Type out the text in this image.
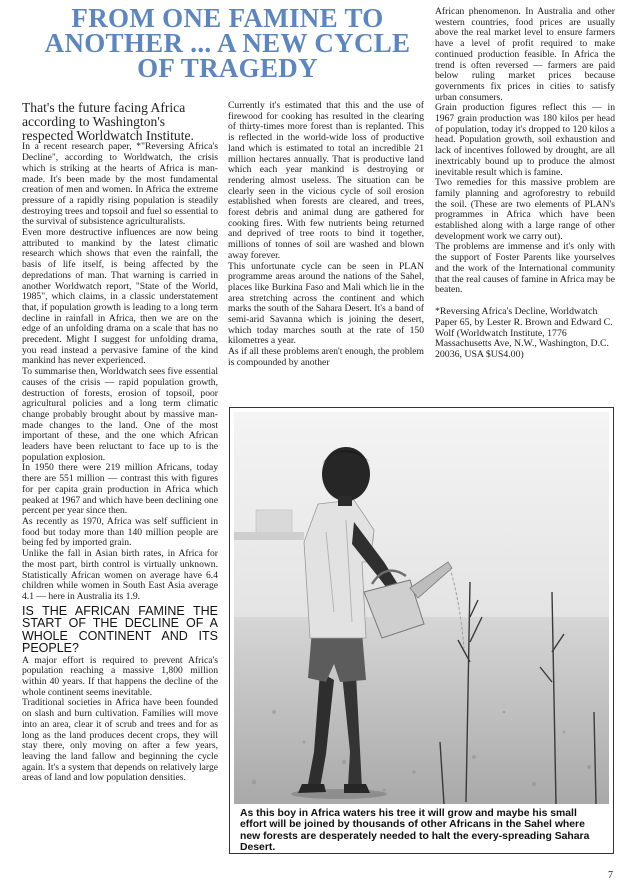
FROM ONE FAMINE TO
ANOTHER ... A NEW CYCLE
OF TRAGEDY

That's the future facing Africa according to Washington's respected Worldwatch Institute.

In a recent research paper, *"Reversing Africa's Decline", according to Worldwatch, the crisis which is striking at the hearts of Africa is man-made. It's been made by the most fundamental creation of men and women. In Africa the extreme pressure of a rapidly rising population is steadily destroying trees and topsoil and fuel so essential to the survival of subsistence agriculturalists.

Even more destructive influences are now being attributed to mankind by the latest climatic research which shows that even the rainfall, the basis of life itself, is being affected by the depredations of man. That warning is carried in another Worldwatch report, "State of the World, 1985", which claims, in a classic understatement that, if population growth is leading to a long term decline in rainfall in Africa, then we are on the edge of an unfolding drama on a scale that has no precedent. Might I suggest for unfolding drama, you read instead a pervasive famine of the kind mankind has never experienced.

To summarise then, Worldwatch sees five essential causes of the crisis — rapid population growth, destruction of forests, erosion of topsoil, poor agricultural policies and a long term climatic change probably brought about by massive man-made changes to the land. One of the most important of these, and the one which African leaders have been reluctant to face up to is the population explosion.

In 1950 there were 219 million Africans, today there are 551 million — contrast this with figures for per capita grain production in Africa which peaked at 1967 and which have been declining one percent per year since then.

As recently as 1970, Africa was self sufficient in food but today more than 140 million people are being fed by imported grain.

Unlike the fall in Asian birth rates, in Africa for the most part, birth control is virtually unknown. Statistically African women on average have 6.4 children while women in South East Asia average 4.1 — here in Australia its 1.9.

IS THE AFRICAN FAMINE THE START OF THE DECLINE OF A WHOLE CONTINENT AND ITS PEOPLE?

A major effort is required to prevent Africa's population reaching a massive 1,800 million within 40 years. If that happens the decline of the whole continent seems inevitable.

Traditional societies in Africa have been founded on slash and burn cultivation. Families will move into an area, clear it of scrub and trees and for as long as the land produces decent crops, they will stay there, only moving on after a few years, leaving the land fallow and beginning the cycle again. It's a system that depends on relatively large areas of land and low population densities.

Currently it's estimated that this and the use of firewood for cooking has resulted in the clearing of thirty-times more forest than is replanted. This is reflected in the world-wide loss of productive land which is estimated to total an incredible 21 million hectares annually. That is productive land which each year mankind is destroying or rendering almost useless. The situation can be clearly seen in the vicious cycle of soil erosion established when forests are cleared, and trees, forest debris and animal dung are gathered for cooking fires. With few nutrients being returned and deprived of tree roots to bind it together, millions of tonnes of soil are washed and blown away forever.

This unfortunate cycle can be seen in PLAN programme areas around the nations of the Sahel, places like Burkina Faso and Mali which lie in the area stretching across the continent and which marks the south of the Sahara Desert. It's a band of semi-arid Savanna which is joining the desert, which today marches south at the rate of 150 kilometres a year.

As if all these problems aren't enough, the problem is compounded by another

African phenomenon. In Australia and other western countries, food prices are usually above the real market level to ensure farmers have a level of profit required to make continued production feasible. In Africa the trend is often reversed — farmers are paid below ruling market prices because governments fix prices in cities to satisfy urban consumers.

Grain production figures reflect this — in 1967 grain production was 180 kilos per head of population, today it's dropped to 120 kilos a head. Population growth, soil exhaustion and lack of incentives followed by drought, are all inextricably bound up to produce the almost inevitable result which is famine.

Two remedies for this massive problem are family planning and agroforestry to rebuild the soil. (These are two elements of PLAN's programmes in Africa which have been established along with a large range of other development work we carry out).

The problems are immense and it's only with the support of Foster Parents like yourselves and the work of the International community that the real causes of famine in Africa may be beaten.

*Reversing Africa's Decline, Worldwatch Paper 65, by Lester R. Brown and Edward C. Wolf (Worldwatch Institute, 1776 Massachusetts Ave, N.W., Washington, D.C. 20036, USA $US4.00)

As this boy in Africa waters his tree it will grow and maybe his small effort will be joined by thousands of other Africans in the Sahel where new forests are desperately needed to halt the every-spreading Sahara Desert.

7
